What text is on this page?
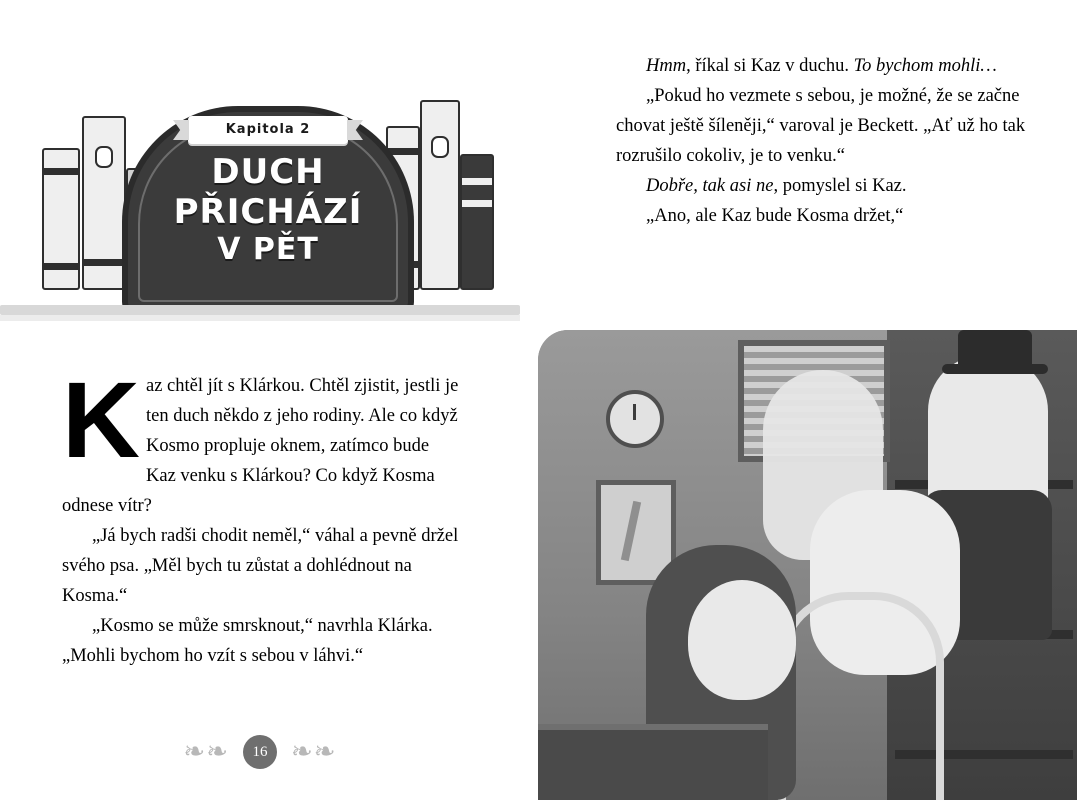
Kapitola 2
DUCH
PŘICHÁZÍ
V PĚT
K az chtěl jít s Klárkou. Chtěl zjistit, jestli je ten duch někdo z jeho rodiny. Ale co když Kosmo propluje oknem, zatímco bude Kaz venku s Klárkou? Co když Kosma odnese vítr?

„Já bych radši chodit neměl,“ váhal a pevně držel svého psa. „Měl bych tu zůstat a dohlédnout na Kosma.“

„Kosmo se může smrsknout,“ navrhla Klárka. „Mohli bychom ho vzít s sebou v láhvi.“

❧❧ 16 ❧❧

Hmm, říkal si Kaz v duchu. To bychom mohli…

„Pokud ho vezmete s sebou, je možné, že se začne chovat ještě šíleněji,“ varoval je Beckett. „Ať už ho tak rozrušilo cokoliv, je to venku.“

Dobře, tak asi ne, pomyslel si Kaz.

„Ano, ale Kaz bude Kosma držet,“
